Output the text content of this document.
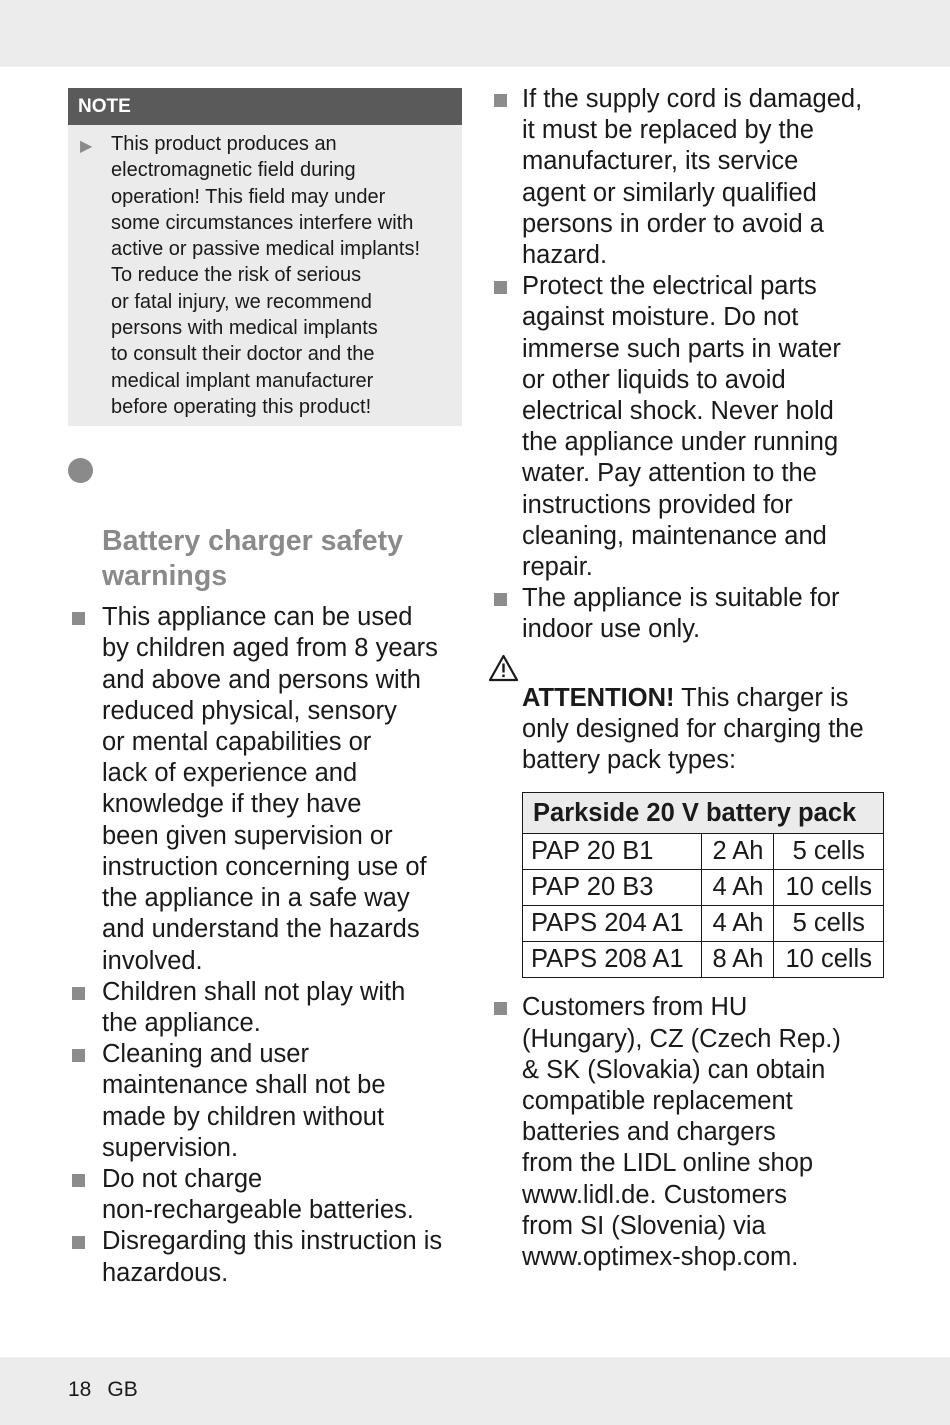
NOTE
▶ This product produces an
electromagnetic field during
operation! This field may under
some circumstances interfere with
active or passive medical implants!
To reduce the risk of serious
or fatal injury, we recommend
persons with medical implants
to consult their doctor and the
medical implant manufacturer
before operating this product!

Battery charger safety
warnings

This appliance can be used
by children aged from 8 years
and above and persons with
reduced physical, sensory
or mental capabilities or
lack of experience and
knowledge if they have
been given supervision or
instruction concerning use of
the appliance in a safe way
and understand the hazards
involved.
Children shall not play with
the appliance.
Cleaning and user
maintenance shall not be
made by children without
supervision.
Do not charge
non-rechargeable batteries.
Disregarding this instruction is
hazardous.
If the supply cord is damaged,
it must be replaced by the
manufacturer, its service
agent or similarly qualified
persons in order to avoid a
hazard.
Protect the electrical parts
against moisture. Do not
immerse such parts in water
or other liquids to avoid
electrical shock. Never hold
the appliance under running
water. Pay attention to the
instructions provided for
cleaning, maintenance and
repair.
The appliance is suitable for
indoor use only.

ATTENTION! This charger is
only designed for charging the
battery pack types:

Parkside 20 V battery pack		
PAP 20 B1	2 Ah	5 cells
PAP 20 B3	4 Ah	10 cells
PAPS 204 A1	4 Ah	5 cells
PAPS 208 A1	8 Ah	10 cells
Customers from HU
(Hungary), CZ (Czech Rep.)
& SK (Slovakia) can obtain
compatible replacement
batteries and chargers
from the LIDL online shop
www.lidl.de. Customers
from SI (Slovenia) via
www.optimex-shop.com.
18 GB
